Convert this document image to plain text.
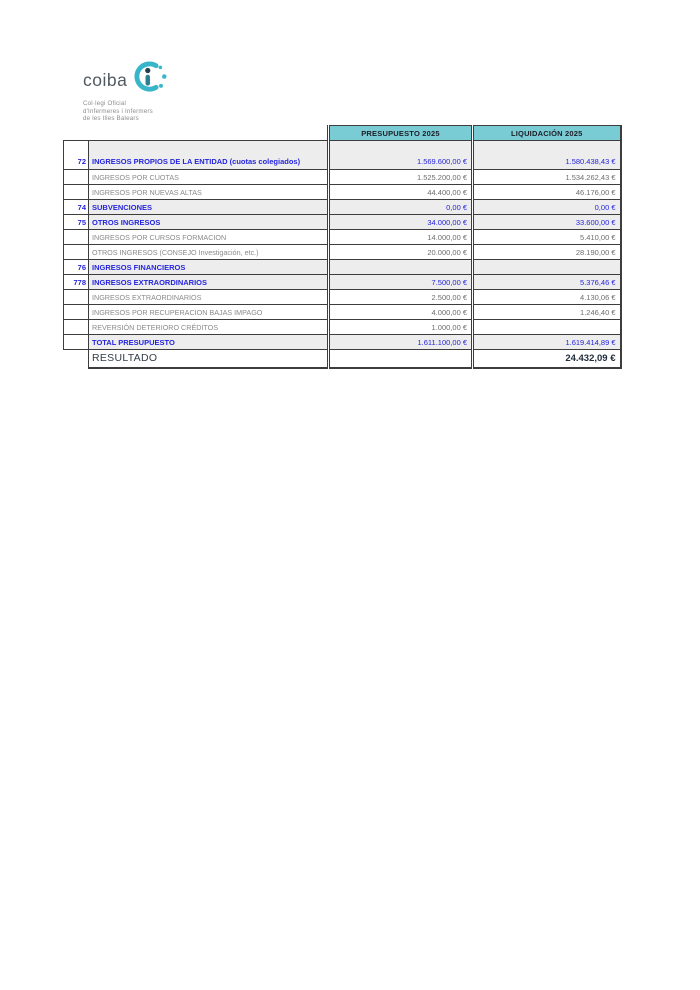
coiba
Col·legi Oficial
d'Infermeres i Infermers
de les Illes Balears
		PRESUPUESTO 2025	LIQUIDACIÓN 2025
72	INGRESOS PROPIOS DE LA ENTIDAD (cuotas colegiados)	1.569.600,00 €	1.580.438,43 €
	INGRESOS POR CUOTAS	1.525.200,00 €	1.534.262,43 €
	INGRESOS POR NUEVAS ALTAS	44.400,00 €	46.176,00 €
74	SUBVENCIONES	0,00 €	0,00 €
75	OTROS INGRESOS	34.000,00 €	33.600,00 €
	INGRESOS POR CURSOS FORMACION	14.000,00 €	5.410,00 €
	OTROS INGRESOS (CONSEJO Investigación, etc.)	20.000,00 €	28.190,00 €
76	INGRESOS FINANCIEROS		
778	INGRESOS EXTRAORDINARIOS	7.500,00 €	5.376,46 €
	INGRESOS EXTRAORDINARIOS	2.500,00 €	4.130,06 €
	INGRESOS POR RECUPERACION BAJAS IMPAGO	4.000,00 €	1.246,40 €
	REVERSIÓN DETERIORO CRÉDITOS	1.000,00 €	
	TOTAL PRESUPUESTO	1.611.100,00 €	1.619.414,89 €
	RESULTADO		24.432,09 €
